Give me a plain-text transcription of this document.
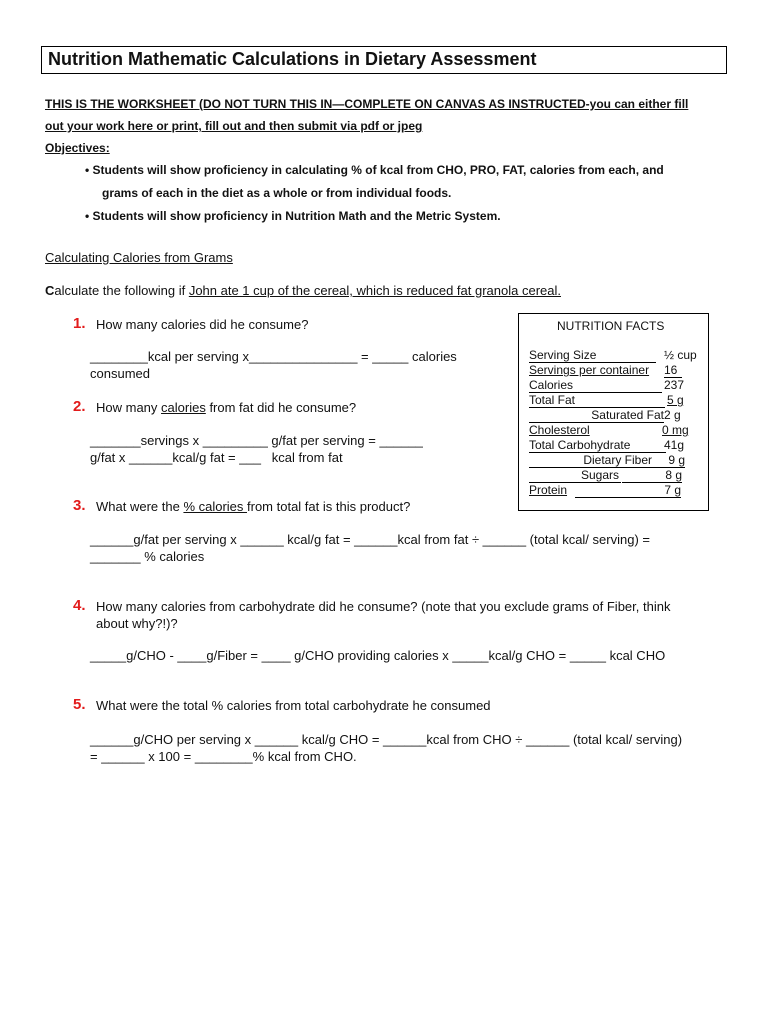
Nutrition Mathematic Calculations in Dietary Assessment
THIS IS THE WORKSHEET (DO NOT TURN THIS IN—COMPLETE ON CANVAS AS INSTRUCTED-you can either fill
out your work here or print, fill out and then submit via pdf or jpeg
Objectives:
• Students will show proficiency in calculating % of kcal from CHO, PRO, FAT, calories from each, and
grams of each in the diet as a whole or from individual foods.
• Students will show proficiency in Nutrition Math and the Metric System.
Calculating Calories from Grams
Calculate the following if John ate 1 cup of the cereal, which is reduced fat granola cereal.
1. How many calories did he consume?
________kcal per serving x_______________ = _____ calories
consumed
2. How many calories from fat did he consume?
_______servings x _________ g/fat per serving = ______
g/fat x ______kcal/g fat = ___   kcal from fat
3. What were the % calories from total fat is this product?
______g/fat per serving x ______ kcal/g fat = ______kcal from fat ÷ ______ (total kcal/ serving) =
_______ % calories
4. How many calories from carbohydrate did he consume? (note that you exclude grams of Fiber, think
about why?!)?
_____g/CHO - ____g/Fiber = ____ g/CHO providing calories x _____kcal/g CHO = _____ kcal CHO
5. What were the total % calories from total carbohydrate he consumed
______g/CHO per serving x ______ kcal/g CHO = ______kcal from CHO ÷ ______ (total kcal/ serving)
= ______ x 100 = ________% kcal from CHO.
NUTRITION FACTS
Serving Size	½ cup
Servings per container 16
Calories	237
Total Fat	5 g
Saturated Fat 2 g
Cholesterol	0 mg
Total Carbohydrate	41g
Dietary Fiber	9 g
Sugars	8 g
Protein	7 g
